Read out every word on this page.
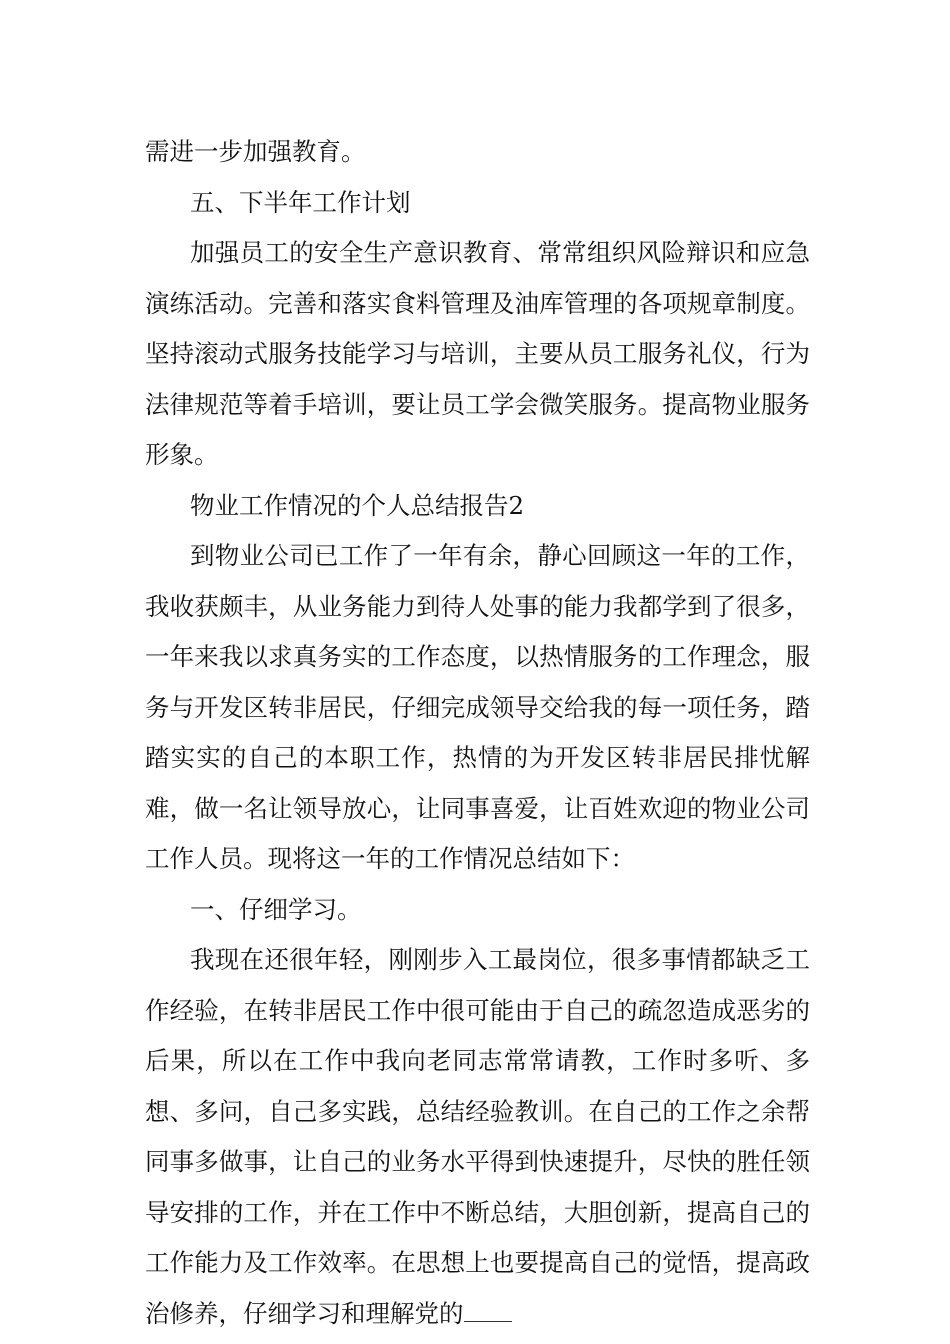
需进一步加强教育。

五、下半年工作计划

加强员工的安全生产意识教育、常常组织风险辩识和应急演练活动。完善和落实食料管理及油库管理的各项规章制度。坚持滚动式服务技能学习与培训，主要从员工服务礼仪，行为法律规范等着手培训，要让员工学会微笑服务。提高物业服务形象。

物业工作情况的个人总结报告2

到物业公司已工作了一年有余，静心回顾这一年的工作，我收获颇丰，从业务能力到待人处事的能力我都学到了很多，一年来我以求真务实的工作态度，以热情服务的工作理念，服务与开发区转非居民，仔细完成领导交给我的每一项任务，踏踏实实的自己的本职工作，热情的为开发区转非居民排忧解难，做一名让领导放心，让同事喜爱，让百姓欢迎的物业公司工作人员。现将这一年的工作情况总结如下：

一、仔细学习。

我现在还很年轻，刚刚步入工最岗位，很多事情都缺乏工作经验，在转非居民工作中很可能由于自己的疏忽造成恶劣的后果，所以在工作中我向老同志常常请教，工作时多听、多想、多问，自己多实践，总结经验教训。在自己的工作之余帮同事多做事，让自己的业务水平得到快速提升，尽快的胜任领导安排的工作，并在工作中不断总结，大胆创新，提高自己的工作能力及工作效率。在思想上也要提高自己的觉悟，提高政治修养，仔细学习和理解党的
